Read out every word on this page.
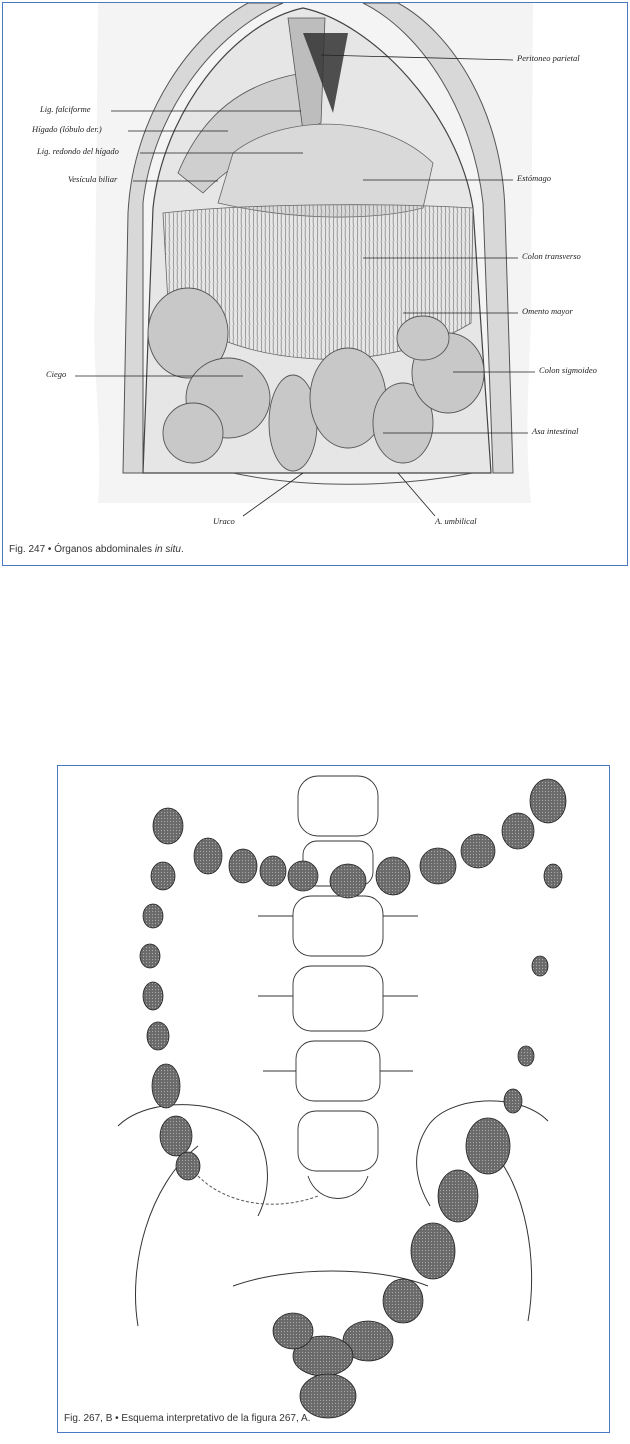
Peritoneo parietal
Lig. falciforme
Hígado (lóbulo der.)
Lig. redondo del hígado
Vesícula biliar	Estómago
Colon transverso
Omento mayor
Colon sigmoideo
Ciego
Asa intestinal
Uraco	A. umbilical
Fig. 247 • Órganos abdominales in situ.
Fig. 267, B • Esquema interpretativo de la figura 267, A.
